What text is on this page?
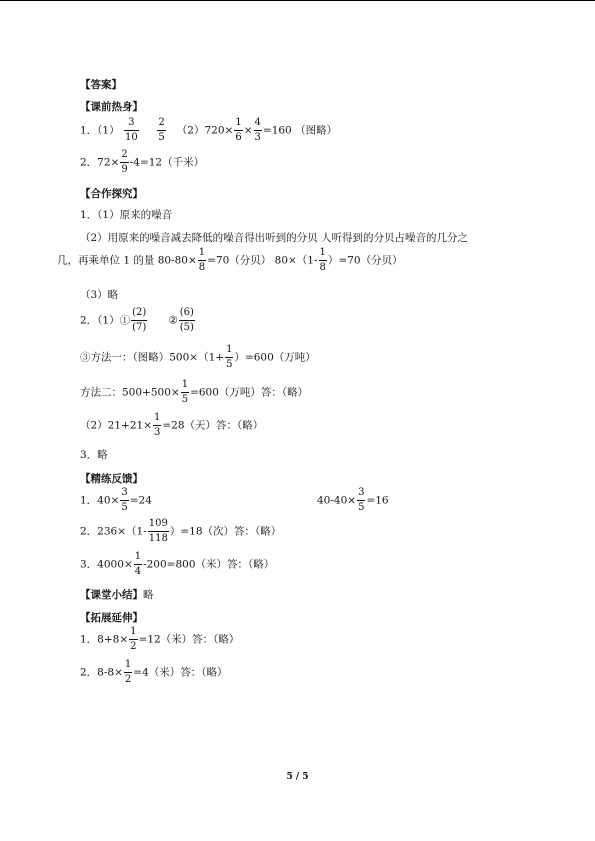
【答案】
【课前热身】
1．$(1) \frac{3}{10}$
$\frac{2}{5} (2)720\times \frac{1}{6} \times \frac{4}{3} =160$ （图略）
2．$72\times \frac{2}{9} -4=12$（千米）
【合作探究】
1．（1）原来的噪音
（2）用原来的噪音减去降低的噪音得出听到的分贝 人听得到的分贝占噪音的几分之
几，再乘单位 1 的量 $80-80\times \frac{1}{8} =70$（分贝） $80\times(1- \frac{1}{8} )=70$（分贝）
（3）略
2．（1）① $\frac{(2)}{(7)}$ ② $\frac{(6)}{(5)}$
③方法一：（图略）$500\times(1+ \frac{1}{5} )=600$（万吨）
方法二：$500+500\times \frac{1}{5} =600$（万吨）答：（略）
$(2)21+21\times \frac{1}{3} =28$（天）答：（略）
3．略
【精练反馈】
1．$40\times \frac{3}{5} =24$	$40-40\times \frac{3}{5} =16$
2．$236\times(1- \frac{109}{118} )=18$（次）答：（略）
3．$4000\times \frac{1}{4} -200=800$（米）答：（略）
【课堂小结】略
【拓展延伸】
1．$8+8\times \frac{1}{2} =12$（米）答：（略）
2．$8-8\times \frac{1}{2} =4$（米）答：（略）
5 / 5
